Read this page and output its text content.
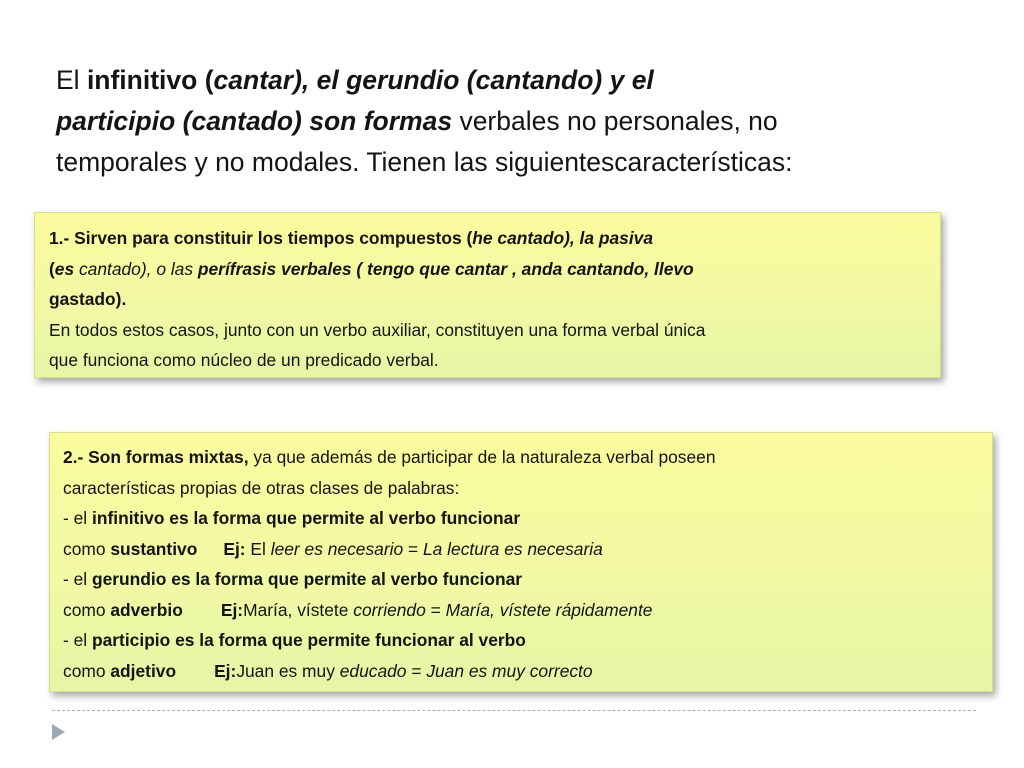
El infinitivo (cantar), el gerundio (cantando) y el
participio (cantado) son formas verbales no personales, no
temporales y no modales. Tienen las siguientescaracterísticas:
1.- Sirven para constituir los tiempos compuestos (he cantado), la pasiva
(es cantado), o las perífrasis verbales ( tengo que cantar , anda cantando, llevo
gastado).
En todos estos casos, junto con un verbo auxiliar, constituyen una forma verbal única
que funciona como núcleo de un predicado verbal.
2.- Son formas mixtas, ya que además de participar de la naturaleza verbal poseen
características propias de otras clases de palabras:
- el infinitivo es la forma que permite al verbo funcionar
como sustantivo Ej: El leer es necesario = La lectura es necesaria
- el gerundio es la forma que permite al verbo funcionar
como adverbio Ej:María, vístete corriendo = María, vístete rápidamente
- el participio es la forma que permite funcionar al verbo
como adjetivo Ej:Juan es muy educado = Juan es muy correcto
